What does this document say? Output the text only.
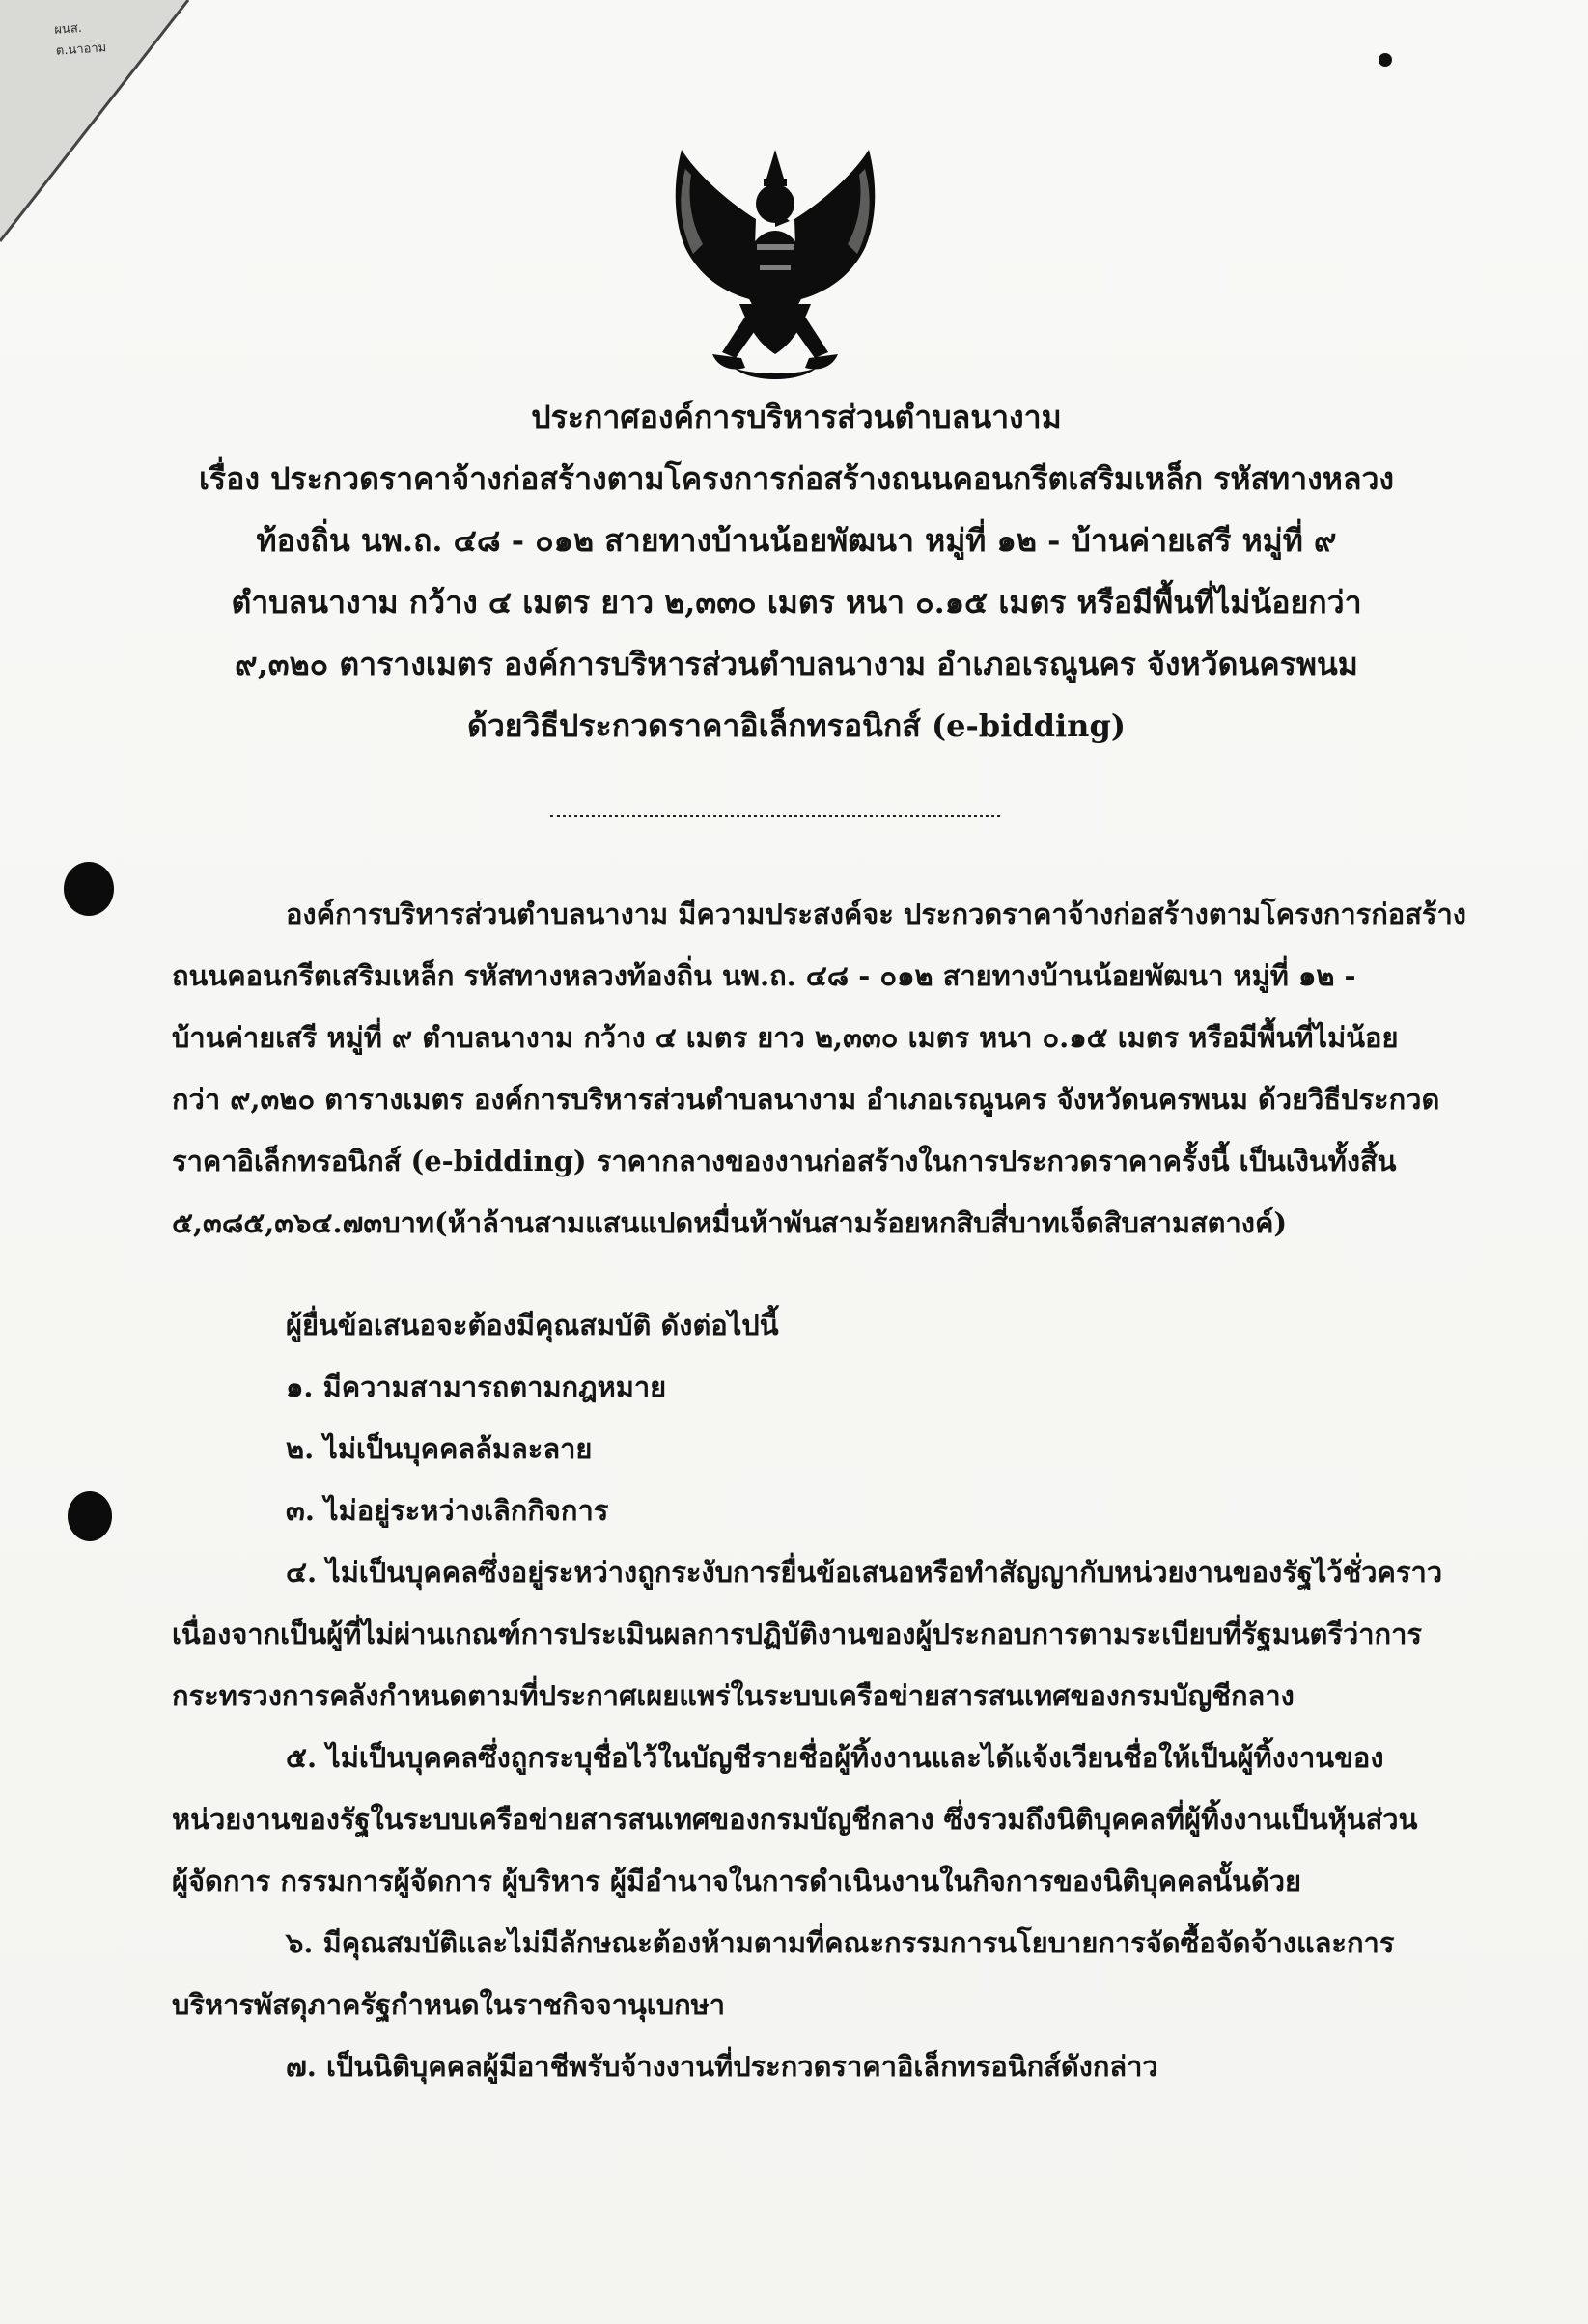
ผนส.
ต.นาอาม
ประกาศองค์การบริหารส่วนตำบลนางาม
เรื่อง ประกวดราคาจ้างก่อสร้างตามโครงการก่อสร้างถนนคอนกรีตเสริมเหล็ก รหัสทางหลวง
ท้องถิ่น นพ.ถ. ๔๘ - ๐๑๒ สายทางบ้านน้อยพัฒนา หมู่ที่ ๑๒ - บ้านค่ายเสรี หมู่ที่ ๙
ตำบลนางาม กว้าง ๔ เมตร ยาว ๒,๓๓๐ เมตร หนา ๐.๑๕ เมตร หรือมีพื้นที่ไม่น้อยกว่า
๙,๓๒๐ ตารางเมตร องค์การบริหารส่วนตำบลนางาม อำเภอเรณูนคร จังหวัดนครพนม
ด้วยวิธีประกวดราคาอิเล็กทรอนิกส์ (e-bidding)
องค์การบริหารส่วนตำบลนางาม มีความประสงค์จะ ประกวดราคาจ้างก่อสร้างตามโครงการก่อสร้าง
ถนนคอนกรีตเสริมเหล็ก รหัสทางหลวงท้องถิ่น นพ.ถ. ๔๘ - ๐๑๒ สายทางบ้านน้อยพัฒนา หมู่ที่ ๑๒ -
บ้านค่ายเสรี หมู่ที่ ๙ ตำบลนางาม กว้าง ๔ เมตร ยาว ๒,๓๓๐ เมตร หนา ๐.๑๕ เมตร หรือมีพื้นที่ไม่น้อย
กว่า ๙,๓๒๐ ตารางเมตร องค์การบริหารส่วนตำบลนางาม อำเภอเรณูนคร จังหวัดนครพนม ด้วยวิธีประกวด
ราคาอิเล็กทรอนิกส์ (e-bidding) ราคากลางของงานก่อสร้างในการประกวดราคาครั้งนี้ เป็นเงินทั้งสิ้น
๕,๓๘๕,๓๖๔.๗๓บาท(ห้าล้านสามแสนแปดหมื่นห้าพันสามร้อยหกสิบสี่บาทเจ็ดสิบสามสตางค์)
ผู้ยื่นข้อเสนอจะต้องมีคุณสมบัติ ดังต่อไปนี้
๑. มีความสามารถตามกฎหมาย
๒. ไม่เป็นบุคคลล้มละลาย
๓. ไม่อยู่ระหว่างเลิกกิจการ
๔. ไม่เป็นบุคคลซึ่งอยู่ระหว่างถูกระงับการยื่นข้อเสนอหรือทำสัญญากับหน่วยงานของรัฐไว้ชั่วคราว
เนื่องจากเป็นผู้ที่ไม่ผ่านเกณฑ์การประเมินผลการปฏิบัติงานของผู้ประกอบการตามระเบียบที่รัฐมนตรีว่าการ
กระทรวงการคลังกำหนดตามที่ประกาศเผยแพร่ในระบบเครือข่ายสารสนเทศของกรมบัญชีกลาง
๕. ไม่เป็นบุคคลซึ่งถูกระบุชื่อไว้ในบัญชีรายชื่อผู้ทิ้งงานและได้แจ้งเวียนชื่อให้เป็นผู้ทิ้งงานของ
หน่วยงานของรัฐในระบบเครือข่ายสารสนเทศของกรมบัญชีกลาง ซึ่งรวมถึงนิติบุคคลที่ผู้ทิ้งงานเป็นหุ้นส่วน
ผู้จัดการ กรรมการผู้จัดการ ผู้บริหาร ผู้มีอำนาจในการดำเนินงานในกิจการของนิติบุคคลนั้นด้วย
๖. มีคุณสมบัติและไม่มีลักษณะต้องห้ามตามที่คณะกรรมการนโยบายการจัดซื้อจัดจ้างและการ
บริหารพัสดุภาครัฐกำหนดในราชกิจจานุเบกษา
๗. เป็นนิติบุคคลผู้มีอาชีพรับจ้างงานที่ประกวดราคาอิเล็กทรอนิกส์ดังกล่าว
